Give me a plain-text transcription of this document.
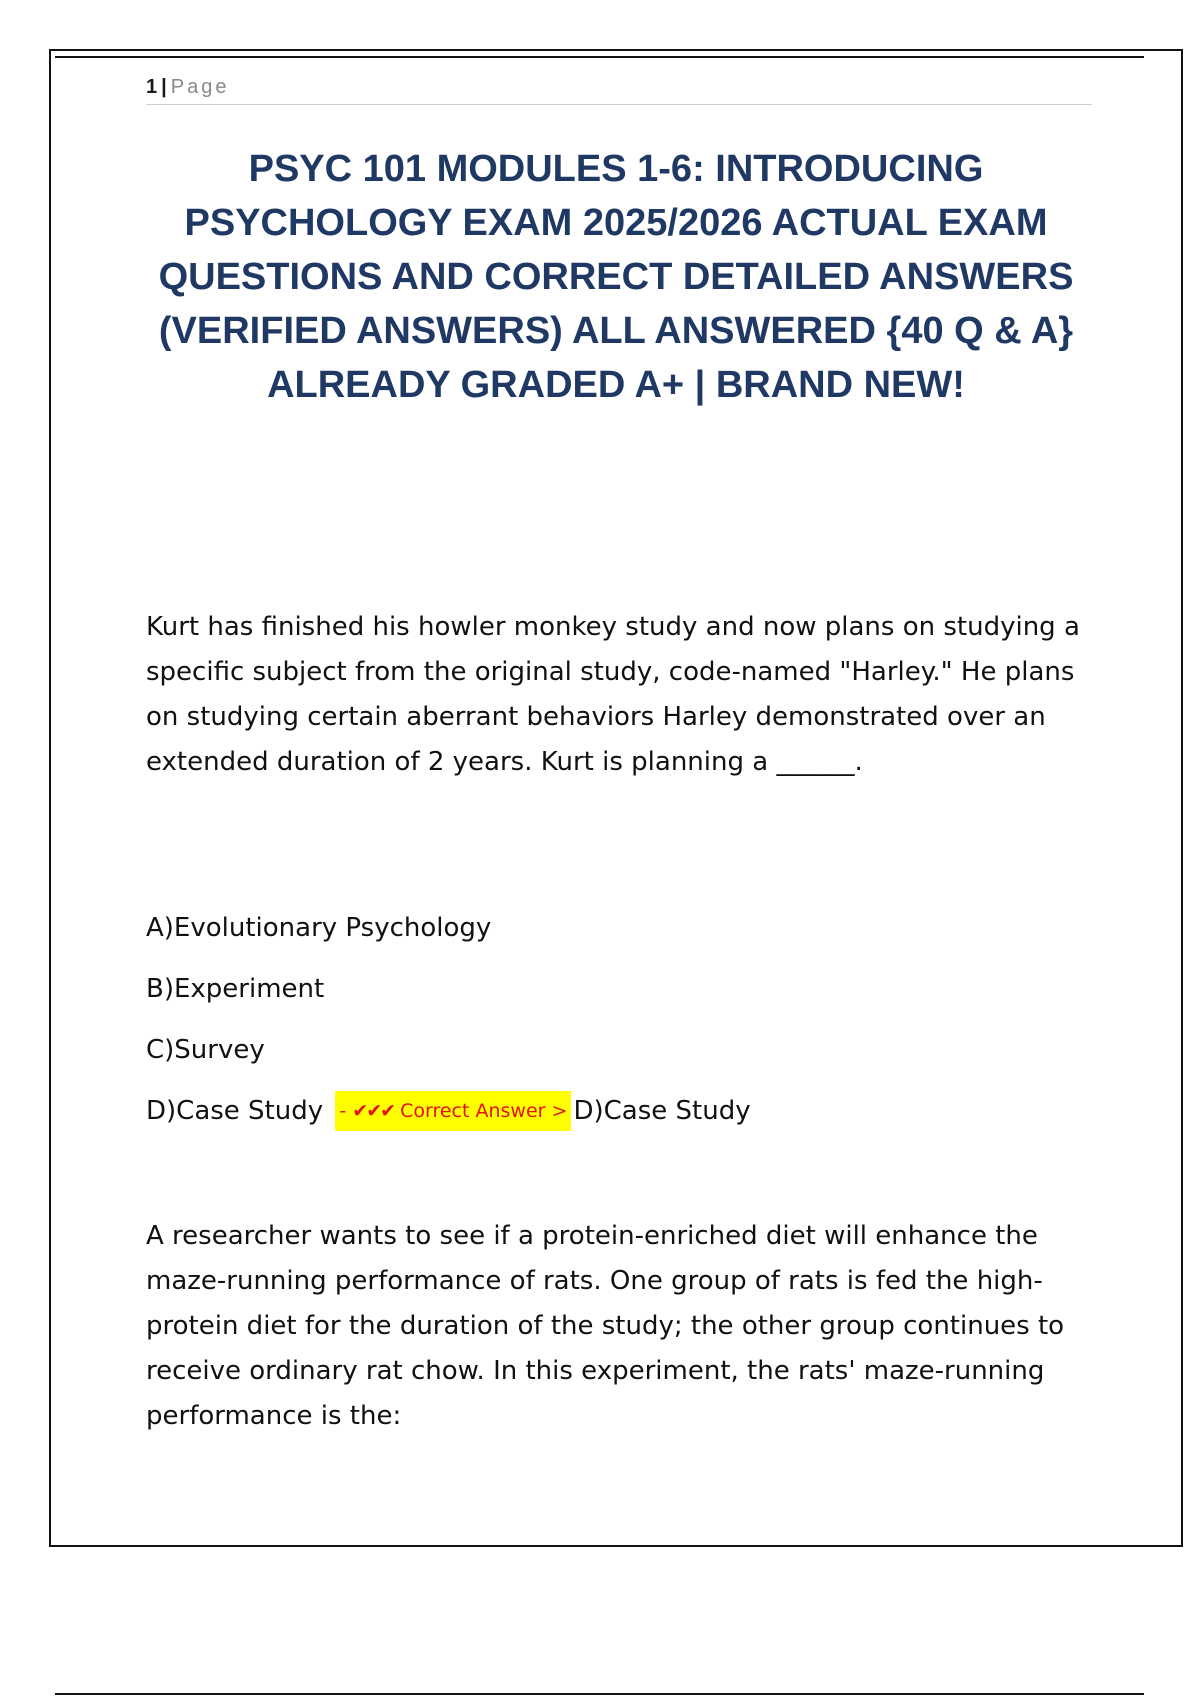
1 | Page
PSYC 101 MODULES 1-6: INTRODUCING PSYCHOLOGY EXAM 2025/2026 ACTUAL EXAM QUESTIONS AND CORRECT DETAILED ANSWERS (VERIFIED ANSWERS) ALL ANSWERED {40 Q & A} ALREADY GRADED A+ | BRAND NEW!

Kurt has finished his howler monkey study and now plans on studying a specific subject from the original study, code-named "Harley." He plans on studying certain aberrant behaviors Harley demonstrated over an extended duration of 2 years. Kurt is planning a ______.

A)Evolutionary Psychology
B)Experiment
C)Survey
D)Case Study - ✔✔✔ Correct Answer > D)Case Study

A researcher wants to see if a protein-enriched diet will enhance the maze-running performance of rats. One group of rats is fed the high-protein diet for the duration of the study; the other group continues to receive ordinary rat chow. In this experiment, the rats' maze-running performance is the:
